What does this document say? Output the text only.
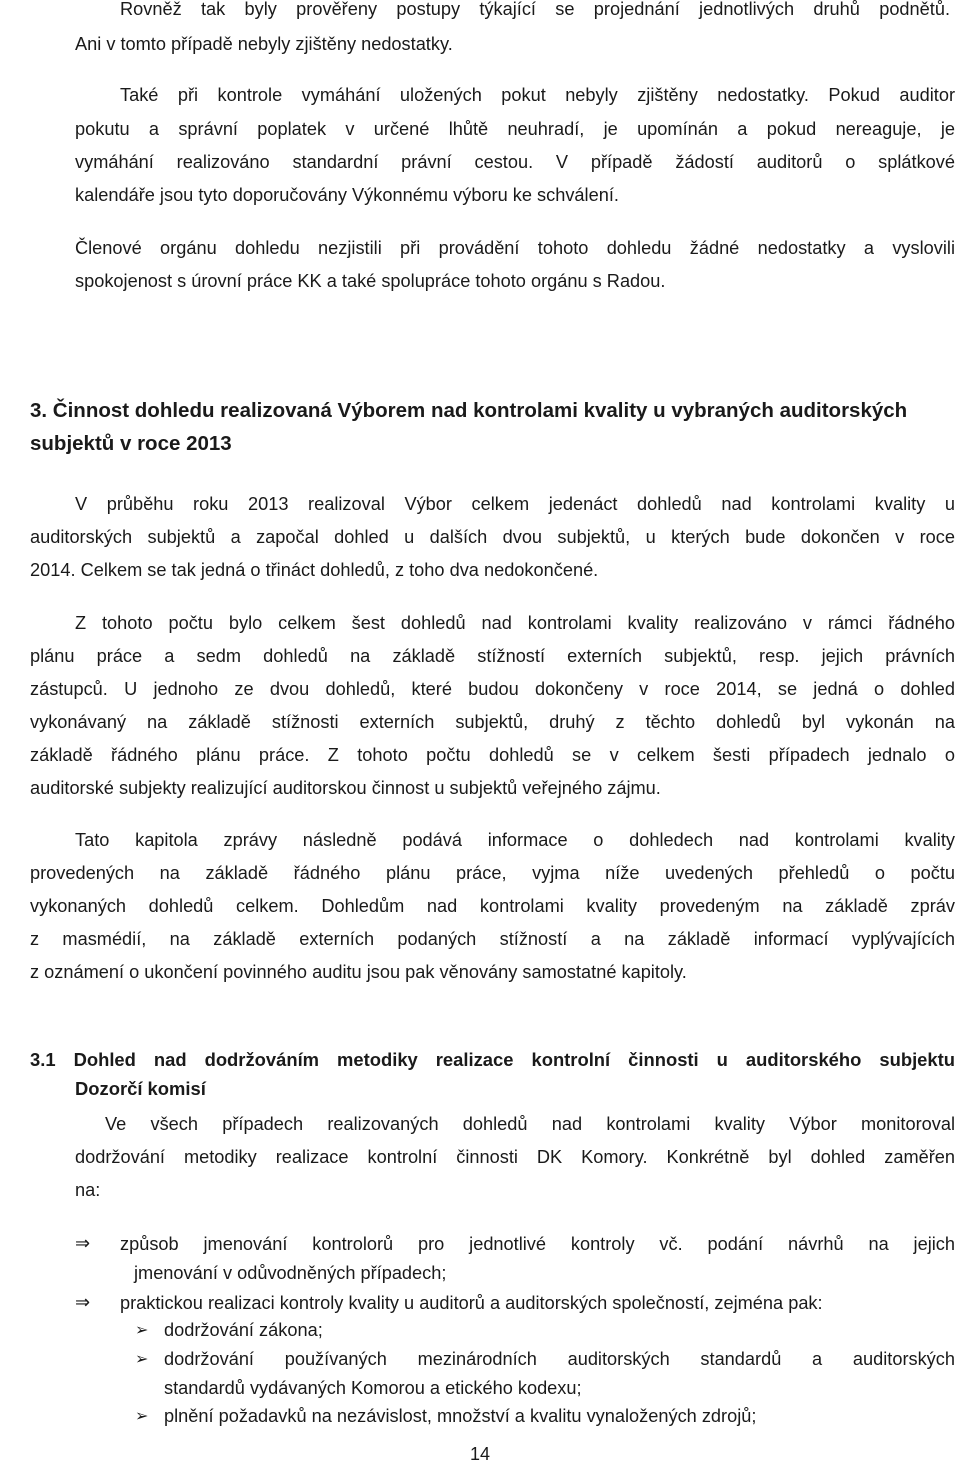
Rovněž tak byly prověřeny postupy týkající se projednání jednotlivých druhů podnětů.
Ani v tomto případě nebyly zjištěny nedostatky.
Také při kontrole vymáhání uložených pokut nebyly zjištěny nedostatky. Pokud auditor
pokutu a správní poplatek v určené lhůtě neuhradí, je upomínán a pokud nereaguje, je
vymáhání realizováno standardní právní cestou. V případě žádostí auditorů o splátkové
kalendáře jsou tyto doporučovány Výkonnému výboru ke schválení.
Členové orgánu dohledu nezjistili při provádění tohoto dohledu žádné nedostatky a vyslovili
spokojenost s úrovní práce KK a také spolupráce tohoto orgánu s Radou.
3. Činnost dohledu realizovaná Výborem nad kontrolami kvality u vybraných auditorských
subjektů v roce 2013
V průběhu roku 2013 realizoval Výbor celkem jedenáct dohledů nad kontrolami kvality u
auditorských subjektů a započal dohled u dalších dvou subjektů, u kterých bude dokončen v roce
2014. Celkem se tak jedná o třináct dohledů, z toho dva nedokončené.
Z tohoto počtu bylo celkem šest dohledů nad kontrolami kvality realizováno v rámci řádného
plánu práce a sedm dohledů na základě stížností externích subjektů, resp. jejich právních
zástupců. U jednoho ze dvou dohledů, které budou dokončeny v roce 2014, se jedná o dohled
vykonávaný na základě stížnosti externích subjektů, druhý z těchto dohledů byl vykonán na
základě řádného plánu práce. Z tohoto počtu dohledů se v celkem šesti případech jednalo o
auditorské subjekty realizující auditorskou činnost u subjektů veřejného zájmu.
Tato kapitola zprávy následně podává informace o dohledech nad kontrolami kvality
provedených na základě řádného plánu práce, vyjma níže uvedených přehledů o počtu
vykonaných dohledů celkem. Dohledům nad kontrolami kvality provedeným na základě zpráv
z masmédií, na základě externích podaných stížností a na základě informací vyplývajících
z oznámení o ukončení povinného auditu jsou pak věnovány samostatné kapitoly.
3.1 Dohled nad dodržováním metodiky realizace kontrolní činnosti u auditorského subjektu
Dozorčí komisí
Ve všech případech realizovaných dohledů nad kontrolami kvality Výbor monitoroval
dodržování metodiky realizace kontrolní činnosti DK Komory. Konkrétně byl dohled zaměřen
na:
⇒ způsob jmenování kontrolorů pro jednotlivé kontroly vč. podání návrhů na jejich
jmenování v odůvodněných případech;
⇒ praktickou realizaci kontroly kvality u auditorů a auditorských společností, zejména pak:
➢ dodržování zákona;
➢ dodržování používaných mezinárodních auditorských standardů a auditorských
standardů vydávaných Komorou a etického kodexu;
➢ plnění požadavků na nezávislost, množství a kvalitu vynaložených zdrojů;
14
